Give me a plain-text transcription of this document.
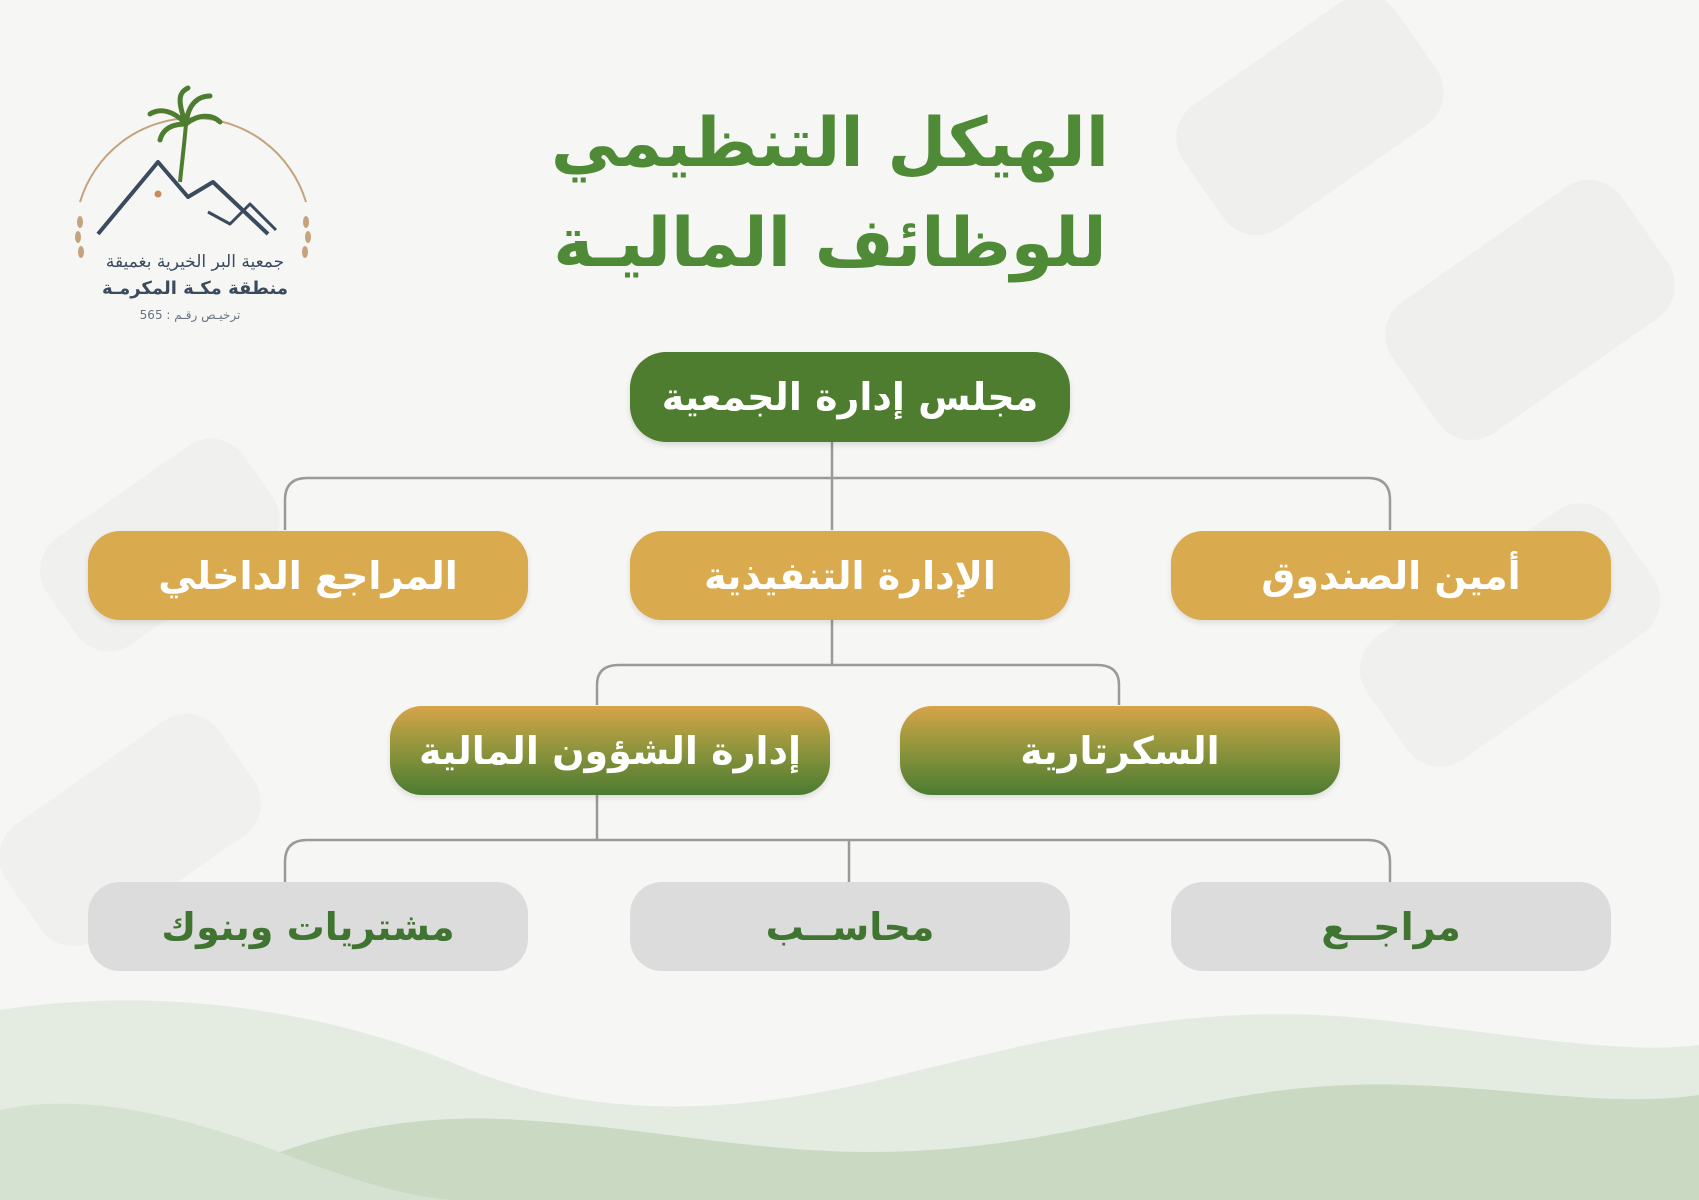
جمعية البر الخيرية بغميقة
منطقة مكـة المكرمـة
ترخيـص رقـم : 565
الهيكل التنظيمي
للوظائف الماليـة
مجلس إدارة الجمعية
أمين الصندوق
الإدارة التنفيذية
المراجع الداخلي
السكرتارية
إدارة الشؤون المالية
مراجــع
محاســب
مشتريات وبنوك
